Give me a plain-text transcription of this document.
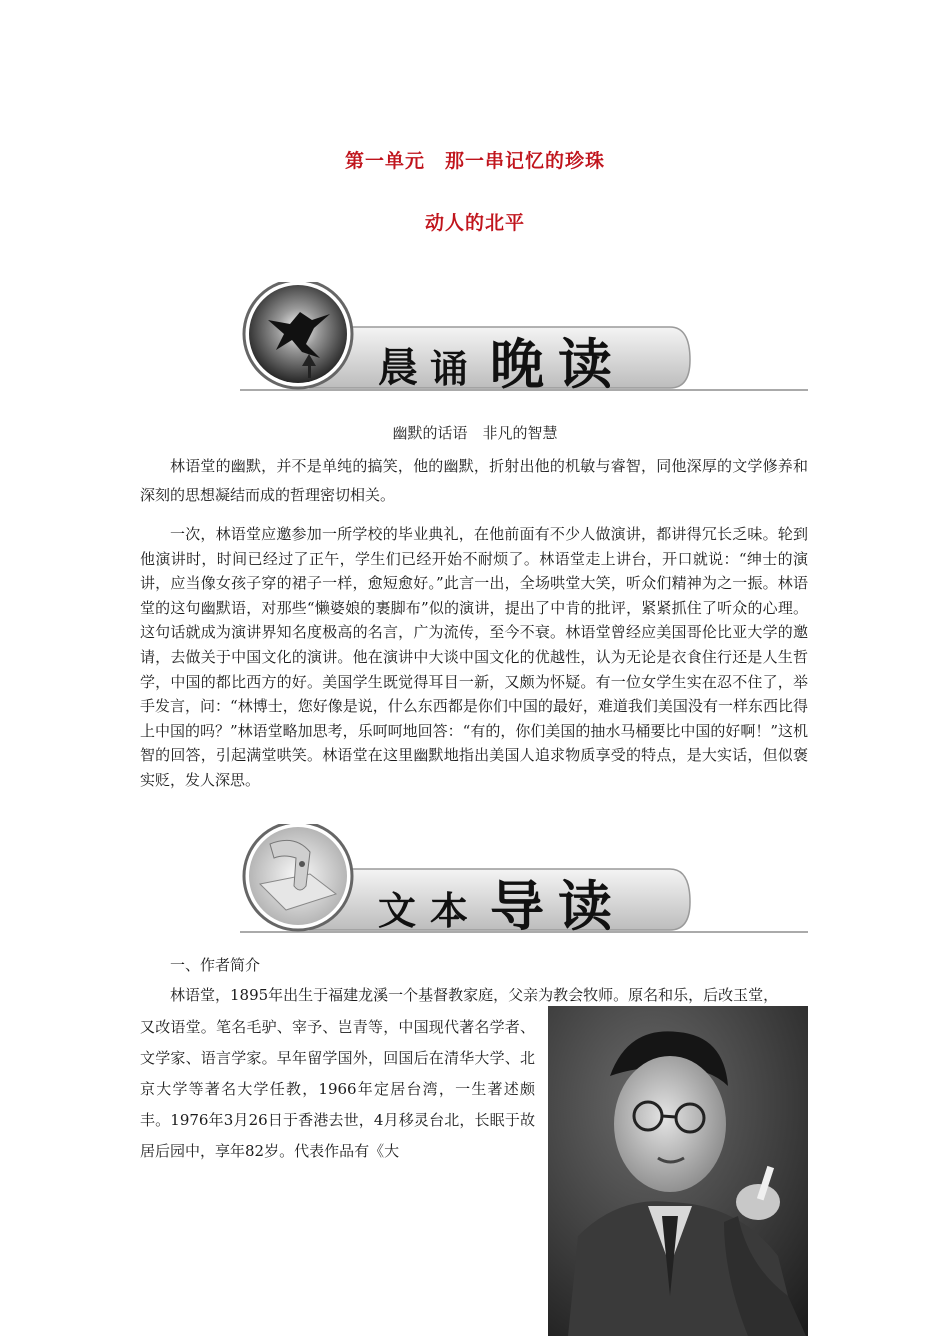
第一单元　那一串记忆的珍珠
动人的北平
晨 诵 晚 读
幽默的话语　非凡的智慧
林语堂的幽默，并不是单纯的搞笑，他的幽默，折射出他的机敏与睿智，同他深厚的文学修养和深刻的思想凝结而成的哲理密切相关。
一次，林语堂应邀参加一所学校的毕业典礼，在他前面有不少人做演讲，都讲得冗长乏味。轮到他演讲时，时间已经过了正午，学生们已经开始不耐烦了。林语堂走上讲台，开口就说：“绅士的演讲，应当像女孩子穿的裙子一样，愈短愈好。”此言一出，全场哄堂大笑，听众们精神为之一振。林语堂的这句幽默语，对那些“懒婆娘的裹脚布”似的演讲，提出了中肯的批评，紧紧抓住了听众的心理。这句话就成为演讲界知名度极高的名言，广为流传，至今不衰。林语堂曾经应美国哥伦比亚大学的邀请，去做关于中国文化的演讲。他在演讲中大谈中国文化的优越性，认为无论是衣食住行还是人生哲学，中国的都比西方的好。美国学生既觉得耳目一新，又颇为怀疑。有一位女学生实在忍不住了，举手发言，问：“林博士，您好像是说，什么东西都是你们中国的最好，难道我们美国没有一样东西比得上中国的吗？”林语堂略加思考，乐呵呵地回答：“有的，你们美国的抽水马桶要比中国的好啊！”这机智的回答，引起满堂哄笑。林语堂在这里幽默地指出美国人追求物质享受的特点，是大实话，但似褒实贬，发人深思。
文 本 导 读
一、作者简介
林语堂，1895年出生于福建龙溪一个基督教家庭，父亲为教会牧师。原名和乐，后改玉堂，
又改语堂。笔名毛驴、宰予、岂青等，中国现代著名学者、文学家、语言学家。早年留学国外，回国后在清华大学、北京大学等著名大学任教，1966年定居台湾，一生著述颇丰。1976年3月26日于香港去世，4月移灵台北，长眠于故居后园中，享年82岁。代表作品有《大
